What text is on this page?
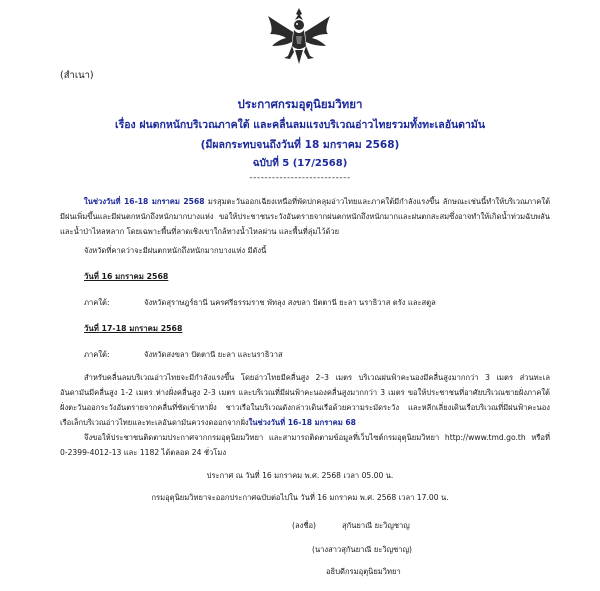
(สำเนา)
ประกาศกรมอุตุนิยมวิทยา
เรื่อง ฝนตกหนักบริเวณภาคใต้ และคลื่นลมแรงบริเวณอ่าวไทยรวมทั้งทะเลอันดามัน
(มีผลกระทบจนถึงวันที่ 18 มกราคม 2568)
ฉบับที่ 5 (17/2568)
---------------------------
ในช่วงวันที่ 16-18 มกราคม 2568 มรสุมตะวันออกเฉียงเหนือที่พัดปกคลุมอ่าวไทยและภาคใต้มีกำลังแรงขึ้น ลักษณะเช่นนี้ทำให้บริเวณภาคใต้มีฝนเพิ่มขึ้นและมีฝนตกหนักถึงหนักมากบางแห่ง ขอให้ประชาชนระวังอันตรายจากฝนตกหนักถึงหนักมากและฝนตกสะสมซึ่งอาจทำให้เกิดน้ำท่วมฉับพลัน และน้ำป่าไหลหลาก โดยเฉพาะพื้นที่ลาดเชิงเขาใกล้ทางน้ำไหลผ่าน และพื้นที่ลุ่มไว้ด้วย
จังหวัดที่คาดว่าจะมีฝนตกหนักถึงหนักมากบางแห่ง มีดังนี้
วันที่ 16 มกราคม 2568
ภาคใต้:	จังหวัดสุราษฎร์ธานี นครศรีธรรมราช พัทลุง สงขลา ปัตตานี ยะลา นราธิวาส ตรัง และสตูล
วันที่ 17-18 มกราคม 2568
ภาคใต้:	จังหวัดสงขลา ปัตตานี ยะลา และนราธิวาส
สำหรับคลื่นลมบริเวณอ่าวไทยจะมีกำลังแรงขึ้น โดยอ่าวไทยมีคลื่นสูง 2–3 เมตร บริเวณฝนฟ้าคะนองมีคลื่นสูงมากกว่า 3 เมตร ส่วนทะเลอันดามันมีคลื่นสูง 1-2 เมตร ห่างฝั่งคลื่นสูง 2-3 เมตร และบริเวณที่มีฝนฟ้าคะนองคลื่นสูงมากกว่า 3 เมตร ขอให้ประชาชนที่อาศัยบริเวณชายฝั่งภาคใต้ฝั่งตะวันออกระวังอันตรายจากคลื่นที่ซัดเข้าหาฝั่ง ชาวเรือในบริเวณดังกล่าวเดินเรือด้วยความระมัดระวัง และหลีกเลี่ยงเดินเรือบริเวณที่มีฝนฟ้าคะนอง เรือเล็กบริเวณอ่าวไทยและทะเลอันดามันควรงดออกจากฝั่งในช่วงวันที่ 16-18 มกราคม 68
จึงขอให้ประชาชนติดตามประกาศจากกรมอุตุนิยมวิทยา และสามารถติดตามข้อมูลที่เว็บไซต์กรมอุตุนิยมวิทยา http://www.tmd.go.th หรือที่ 0-2399-4012-13 และ 1182 ได้ตลอด 24 ชั่วโมง
ประกาศ ณ วันที่ 16 มกราคม พ.ศ. 2568 เวลา 05.00 น.
กรมอุตุนิยมวิทยาจะออกประกาศฉบับต่อไปใน วันที่ 16 มกราคม พ.ศ. 2568 เวลา 17.00 น.
(ลงชื่อ)	สุกันยาณี ยะวิญชาญ
(นางสาวสุกันยาณี ยะวิญชาญ)
อธิบดีกรมอุตุนิยมวิทยา
